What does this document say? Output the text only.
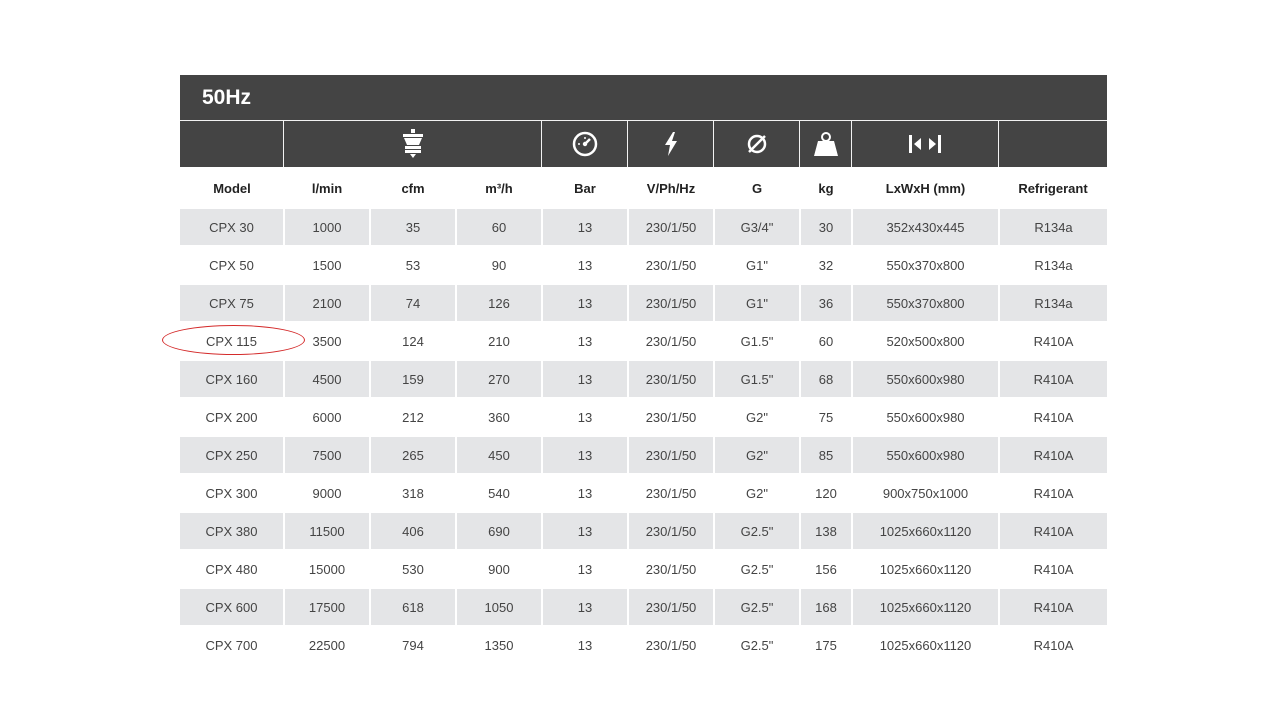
50Hz
Model	l/min	cfm	m³/h	Bar	V/Ph/Hz	G	kg	LxWxH (mm)	Refrigerant
CPX 30	1000	35	60	13	230/1/50	G3/4"	30	352x430x445	R134a
CPX 50	1500	53	90	13	230/1/50	G1"	32	550x370x800	R134a
CPX 75	2100	74	126	13	230/1/50	G1"	36	550x370x800	R134a
CPX 115	3500	124	210	13	230/1/50	G1.5"	60	520x500x800	R410A
CPX 160	4500	159	270	13	230/1/50	G1.5"	68	550x600x980	R410A
CPX 200	6000	212	360	13	230/1/50	G2"	75	550x600x980	R410A
CPX 250	7500	265	450	13	230/1/50	G2"	85	550x600x980	R410A
CPX 300	9000	318	540	13	230/1/50	G2"	120	900x750x1000	R410A
CPX 380	11500	406	690	13	230/1/50	G2.5"	138	1025x660x1120	R410A
CPX 480	15000	530	900	13	230/1/50	G2.5"	156	1025x660x1120	R410A
CPX 600	17500	618	1050	13	230/1/50	G2.5"	168	1025x660x1120	R410A
CPX 700	22500	794	1350	13	230/1/50	G2.5"	175	1025x660x1120	R410A
